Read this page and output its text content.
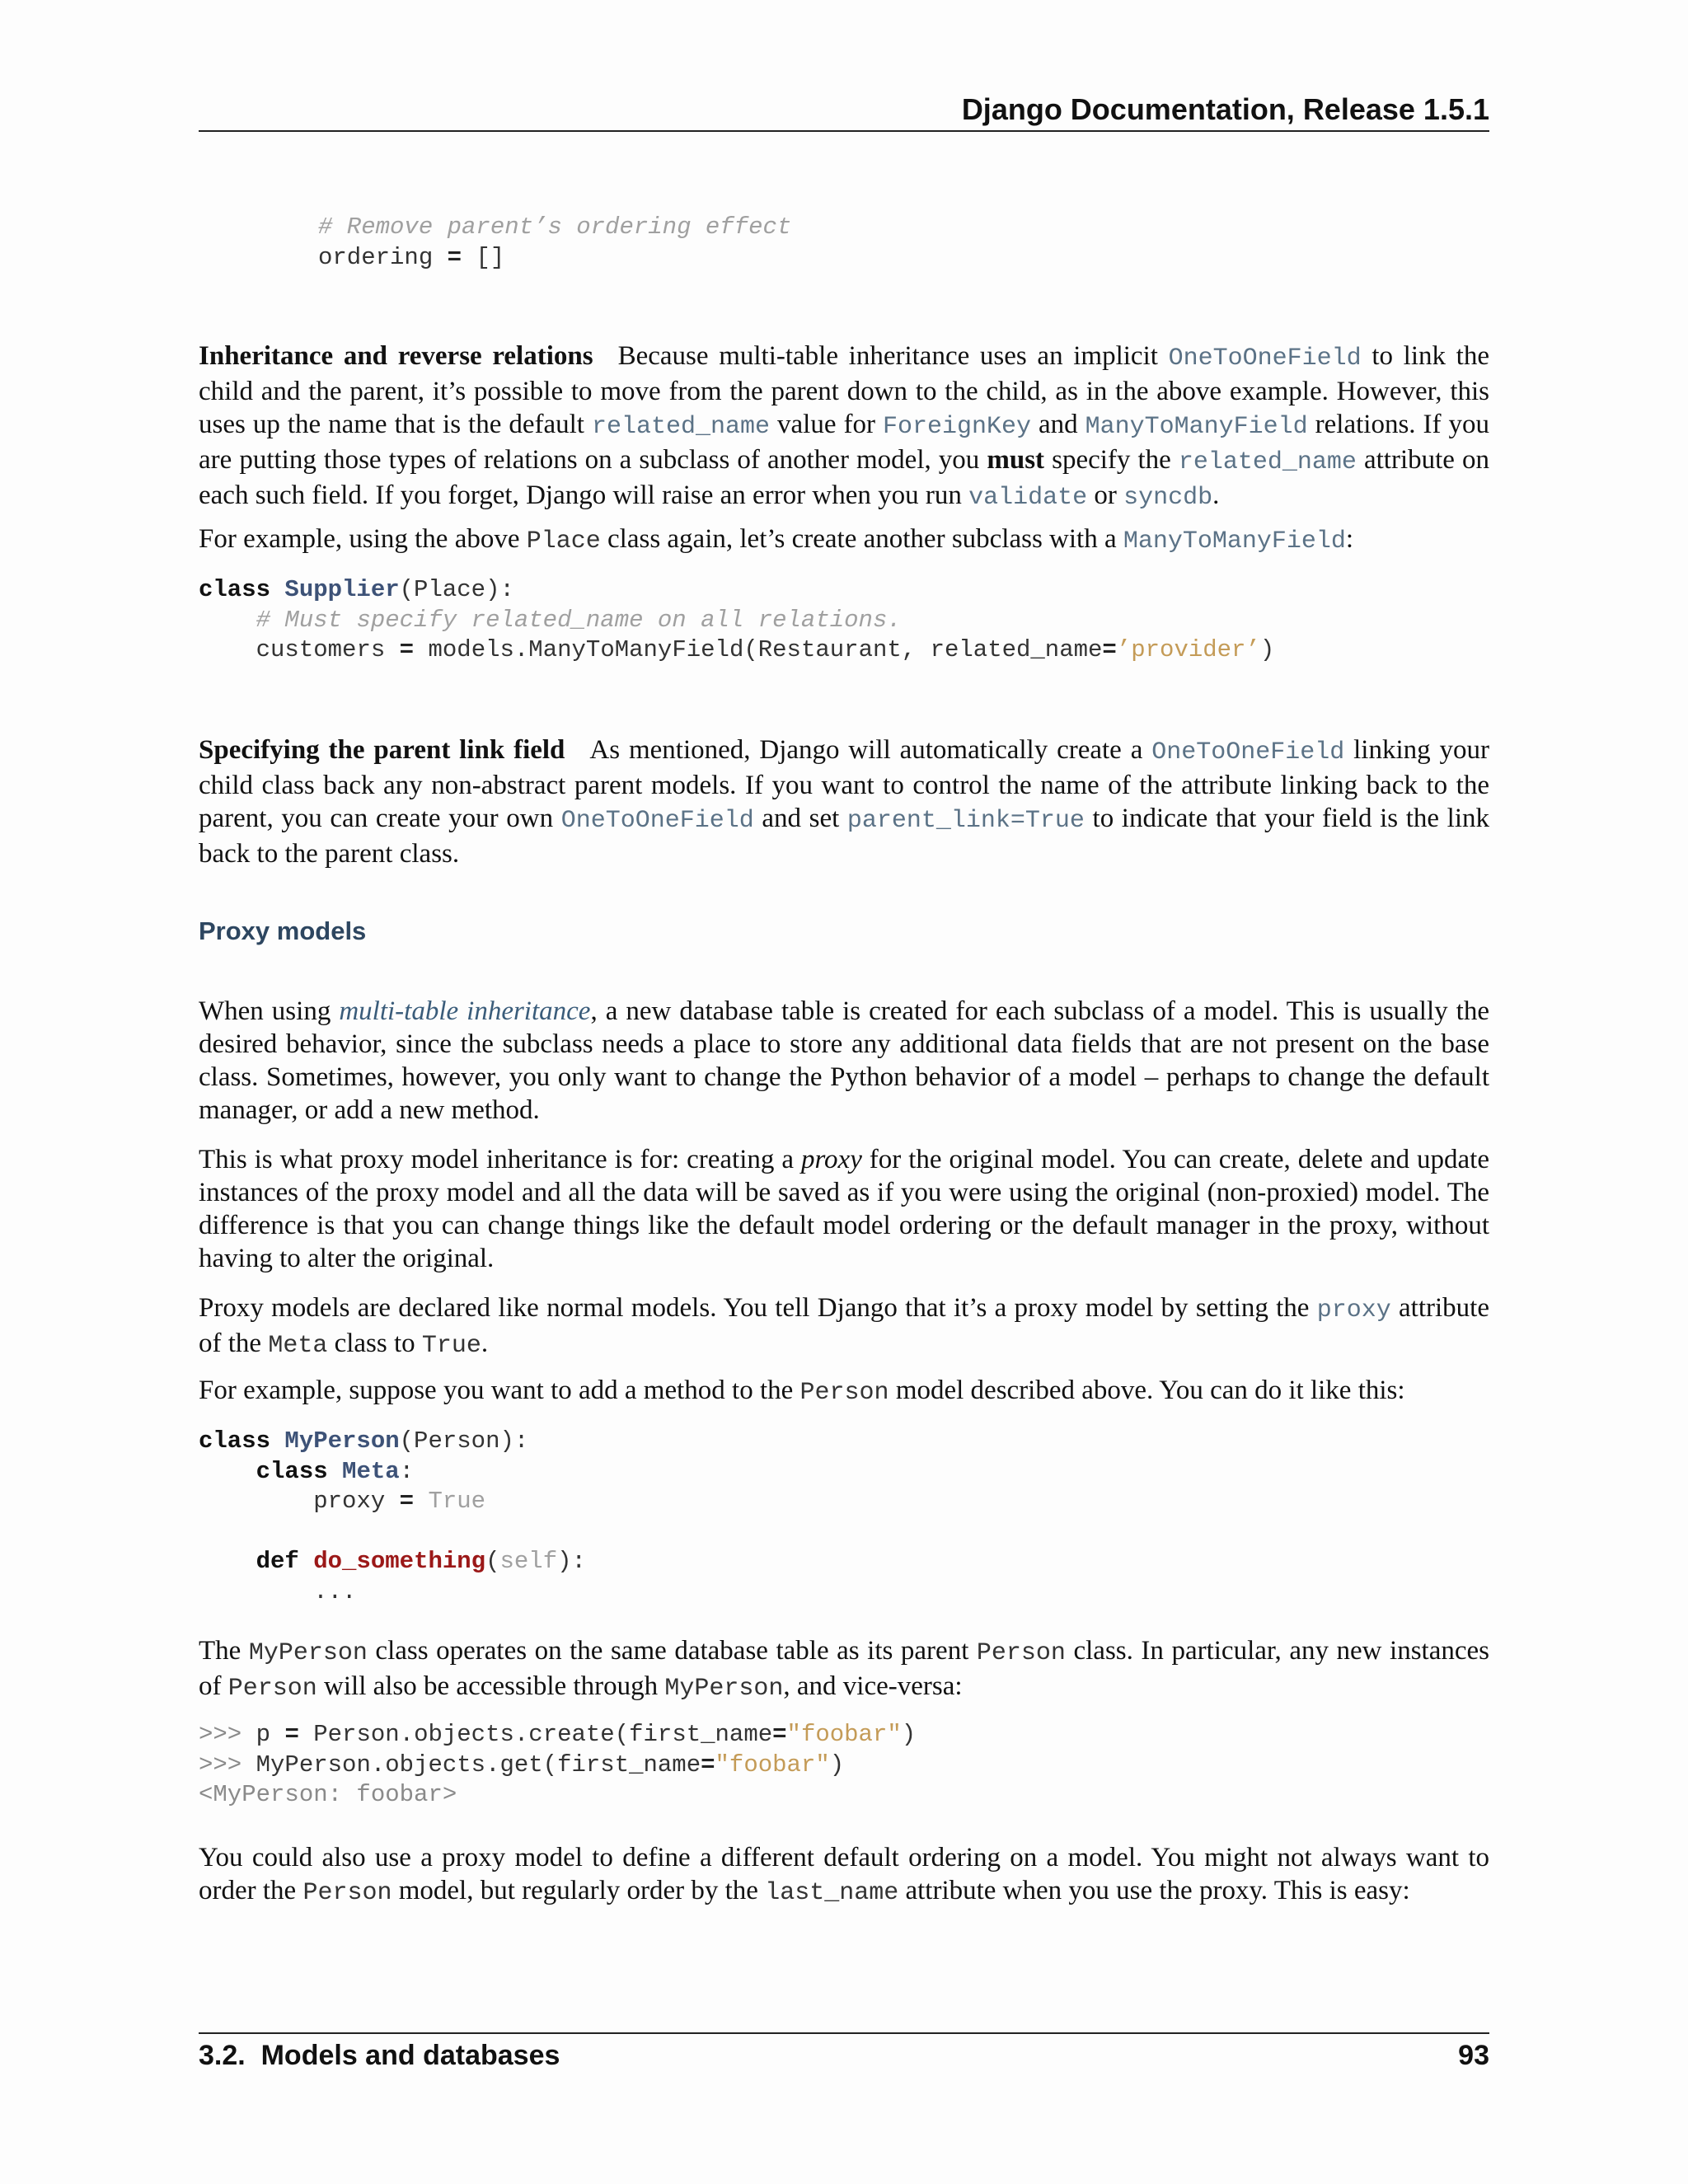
Django Documentation, Release 1.5.1
# Remove parent’s ordering effect
ordering = []
Inheritance and reverse relations Because multi-table inheritance uses an implicit OneToOneField to link the child and the parent, it’s possible to move from the parent down to the child, as in the above example. However, this uses up the name that is the default related_name value for ForeignKey and ManyToManyField relations. If you are putting those types of relations on a subclass of another model, you must specify the related_name attribute on each such field. If you forget, Django will raise an error when you run validate or syncdb.
For example, using the above Place class again, let’s create another subclass with a ManyToManyField:
class Supplier(Place):
# Must specify related_name on all relations.
customers = models.ManyToManyField(Restaurant, related_name=’provider’)
Specifying the parent link field As mentioned, Django will automatically create a OneToOneField linking your child class back any non-abstract parent models. If you want to control the name of the attribute linking back to the parent, you can create your own OneToOneField and set parent_link=True to indicate that your field is the link back to the parent class.
Proxy models
When using multi-table inheritance, a new database table is created for each subclass of a model. This is usually the desired behavior, since the subclass needs a place to store any additional data fields that are not present on the base class. Sometimes, however, you only want to change the Python behavior of a model – perhaps to change the default manager, or add a new method.
This is what proxy model inheritance is for: creating a proxy for the original model. You can create, delete and update instances of the proxy model and all the data will be saved as if you were using the original (non-proxied) model. The difference is that you can change things like the default model ordering or the default manager in the proxy, without having to alter the original.
Proxy models are declared like normal models. You tell Django that it’s a proxy model by setting the proxy attribute of the Meta class to True.
For example, suppose you want to add a method to the Person model described above. You can do it like this:
class MyPerson(Person):
class Meta:
proxy = True

def do_something(self):
...
The MyPerson class operates on the same database table as its parent Person class. In particular, any new instances of Person will also be accessible through MyPerson, and vice-versa:
>>> p = Person.objects.create(first_name="foobar")
>>> MyPerson.objects.get(first_name="foobar")
<MyPerson: foobar>
You could also use a proxy model to define a different default ordering on a model. You might not always want to order the Person model, but regularly order by the last_name attribute when you use the proxy. This is easy:
3.2.  Models and databases	93
